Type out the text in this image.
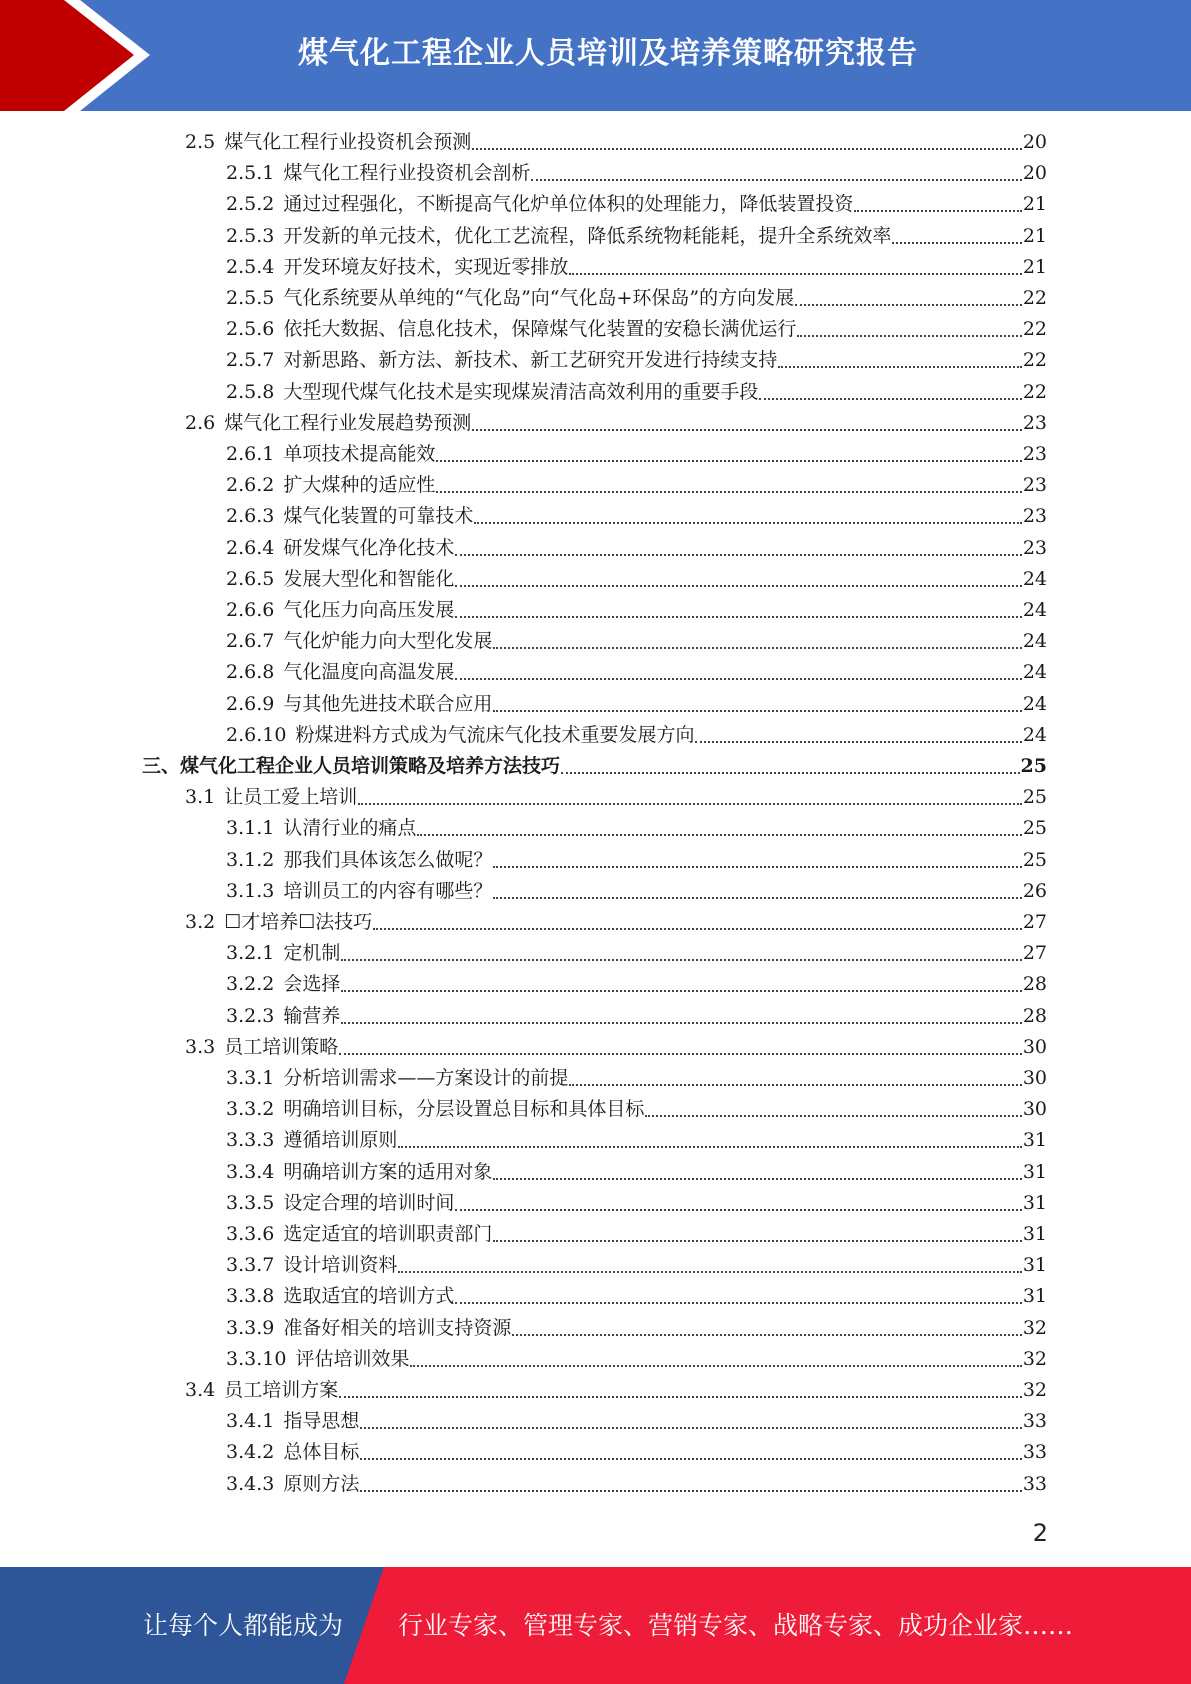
煤气化工程企业人员培训及培养策略研究报告
2.5 煤气化工程行业投资机会预测	20
2.5.1 煤气化工程行业投资机会剖析	20
2.5.2 通过过程强化，不断提高气化炉单位体积的处理能力，降低装置投资	21
2.5.3 开发新的单元技术，优化工艺流程，降低系统物耗能耗，提升全系统效率	21
2.5.4 开发环境友好技术，实现近零排放	21
2.5.5 气化系统要从单纯的“气化岛”向“气化岛+环保岛”的方向发展	22
2.5.6 依托大数据、信息化技术，保障煤气化装置的安稳长满优运行	22
2.5.7 对新思路、新方法、新技术、新工艺研究开发进行持续支持	22
2.5.8 大型现代煤气化技术是实现煤炭清洁高效利用的重要手段	22
2.6 煤气化工程行业发展趋势预测	23
2.6.1 单项技术提高能效	23
2.6.2 扩大煤种的适应性	23
2.6.3 煤气化装置的可靠技术	23
2.6.4 研发煤气化净化技术	23
2.6.5 发展大型化和智能化	24
2.6.6 气化压力向高压发展	24
2.6.7 气化炉能力向大型化发展	24
2.6.8 气化温度向高温发展	24
2.6.9 与其他先进技术联合应用	24
2.6.10 粉煤进料方式成为气流床气化技术重要发展方向	24
三、 煤气化工程企业人员培训策略及培养方法技巧	25
3.1 让员工爱上培训	25
3.1.1 认清行业的痛点	25
3.1.2 那我们具体该怎么做呢？	25
3.1.3 培训员工的内容有哪些？	26
3.2 ☐才培养☐法技巧	27
3.2.1 定机制	27
3.2.2 会选择	28
3.2.3 输营养	28
3.3 员工培训策略	30
3.3.1 分析培训需求——方案设计的前提	30
3.3.2 明确培训目标，分层设置总目标和具体目标	30
3.3.3 遵循培训原则	31
3.3.4 明确培训方案的适用对象	31
3.3.5 设定合理的培训时间	31
3.3.6 选定适宜的培训职责部门	31
3.3.7 设计培训资料	31
3.3.8 选取适宜的培训方式	31
3.3.9 准备好相关的培训支持资源	32
3.3.10 评估培训效果	32
3.4 员工培训方案	32
3.4.1 指导思想	33
3.4.2 总体目标	33
3.4.3 原则方法	33
2
让每个人都能成为 行业专家、管理专家、营销专家、战略专家、成功企业家……
